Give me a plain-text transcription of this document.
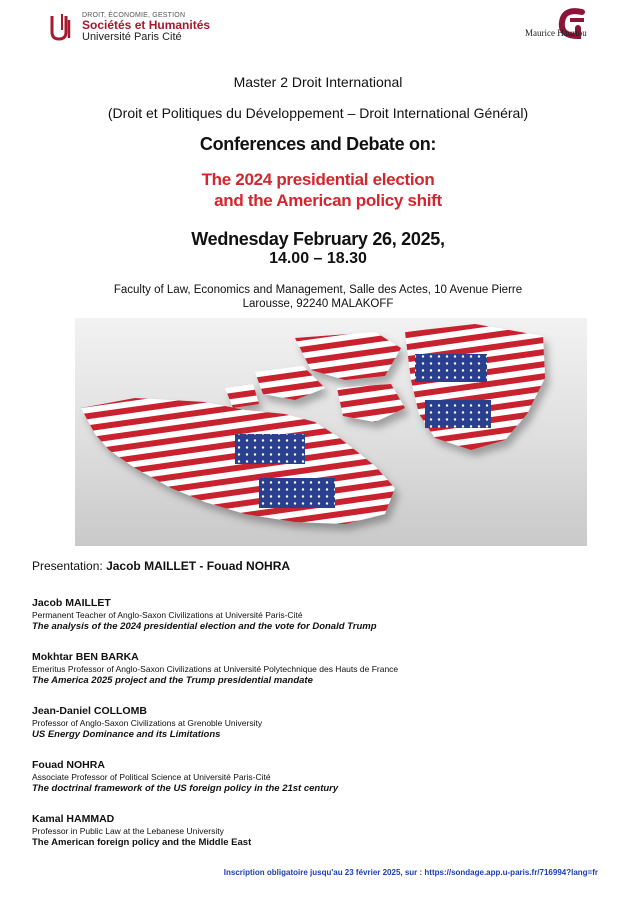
DROIT, ÉCONOMIE, GESTION
Sociétés et Humanités
Université Paris Cité	Maurice Hauriou
Master 2 Droit International
(Droit et Politiques du Développement – Droit International Général)
Conferences and Debate on:
The 2024 presidential election
and the American policy shift
Wednesday February 26, 2025,
14.00 – 18.30
Faculty of Law, Economics and Management, Salle des Actes, 10 Avenue Pierre
Larousse, 92240 MALAKOFF
Presentation: Jacob MAILLET - Fouad NOHRA
Jacob MAILLET
Permanent Teacher of Anglo-Saxon Civilizations at Université Paris-Cité
The analysis of the 2024 presidential election and the vote for Donald Trump
Mokhtar BEN BARKA
Emeritus Professor of Anglo-Saxon Civilizations at Université Polytechnique des Hauts de France
The America 2025 project and the Trump presidential mandate
Jean-Daniel COLLOMB
Professor of Anglo-Saxon Civilizations at Grenoble University
US Energy Dominance and its Limitations
Fouad NOHRA
Associate Professor of Political Science at Université Paris-Cité
The doctrinal framework of the US foreign policy in the 21st century
Kamal HAMMAD
Professor in Public Law at the Lebanese University
The American foreign policy and the Middle East
Inscription obligatoire jusqu'au 23 février 2025, sur : https://sondage.app.u-paris.fr/716994?lang=fr
